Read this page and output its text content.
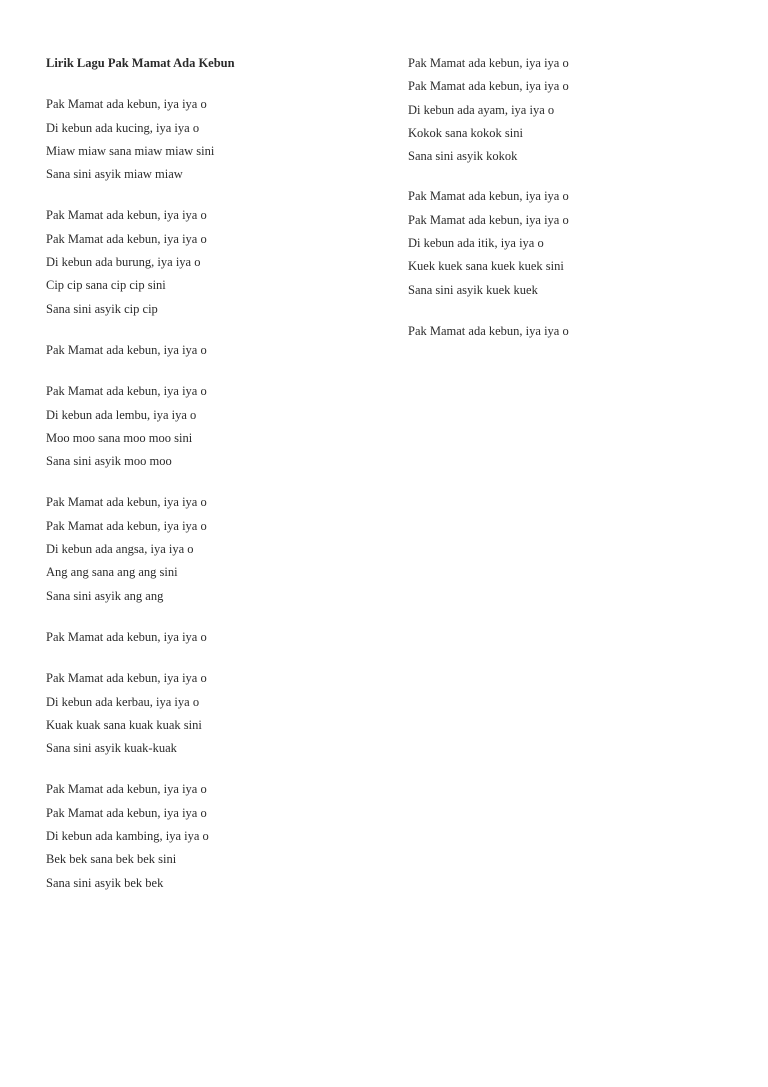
Lirik Lagu Pak Mamat Ada Kebun

Pak Mamat ada kebun, iya iya o

Di kebun ada kucing, iya iya o

Miaw miaw sana miaw miaw sini

Sana sini asyik miaw miaw

Pak Mamat ada kebun, iya iya o

Pak Mamat ada kebun, iya iya o

Di kebun ada burung, iya iya o

Cip cip sana cip cip sini

Sana sini asyik cip cip

Pak Mamat ada kebun, iya iya o

Pak Mamat ada kebun, iya iya o

Di kebun ada lembu, iya iya o

Moo moo sana moo moo sini

Sana sini asyik moo moo

Pak Mamat ada kebun, iya iya o

Pak Mamat ada kebun, iya iya o

Di kebun ada angsa, iya iya o

Ang ang sana ang ang sini

Sana sini asyik ang ang

Pak Mamat ada kebun, iya iya o

Pak Mamat ada kebun, iya iya o

Di kebun ada kerbau, iya iya o

Kuak kuak sana kuak kuak sini

Sana sini asyik kuak-kuak

Pak Mamat ada kebun, iya iya o

Pak Mamat ada kebun, iya iya o

Di kebun ada kambing, iya iya o

Bek bek sana bek bek sini

Sana sini asyik bek bek

Pak Mamat ada kebun, iya iya o

Pak Mamat ada kebun, iya iya o

Di kebun ada ayam, iya iya o

Kokok sana kokok sini

Sana sini asyik kokok

Pak Mamat ada kebun, iya iya o

Pak Mamat ada kebun, iya iya o

Di kebun ada itik, iya iya o

Kuek kuek sana kuek kuek sini

Sana sini asyik kuek kuek

Pak Mamat ada kebun, iya iya o
